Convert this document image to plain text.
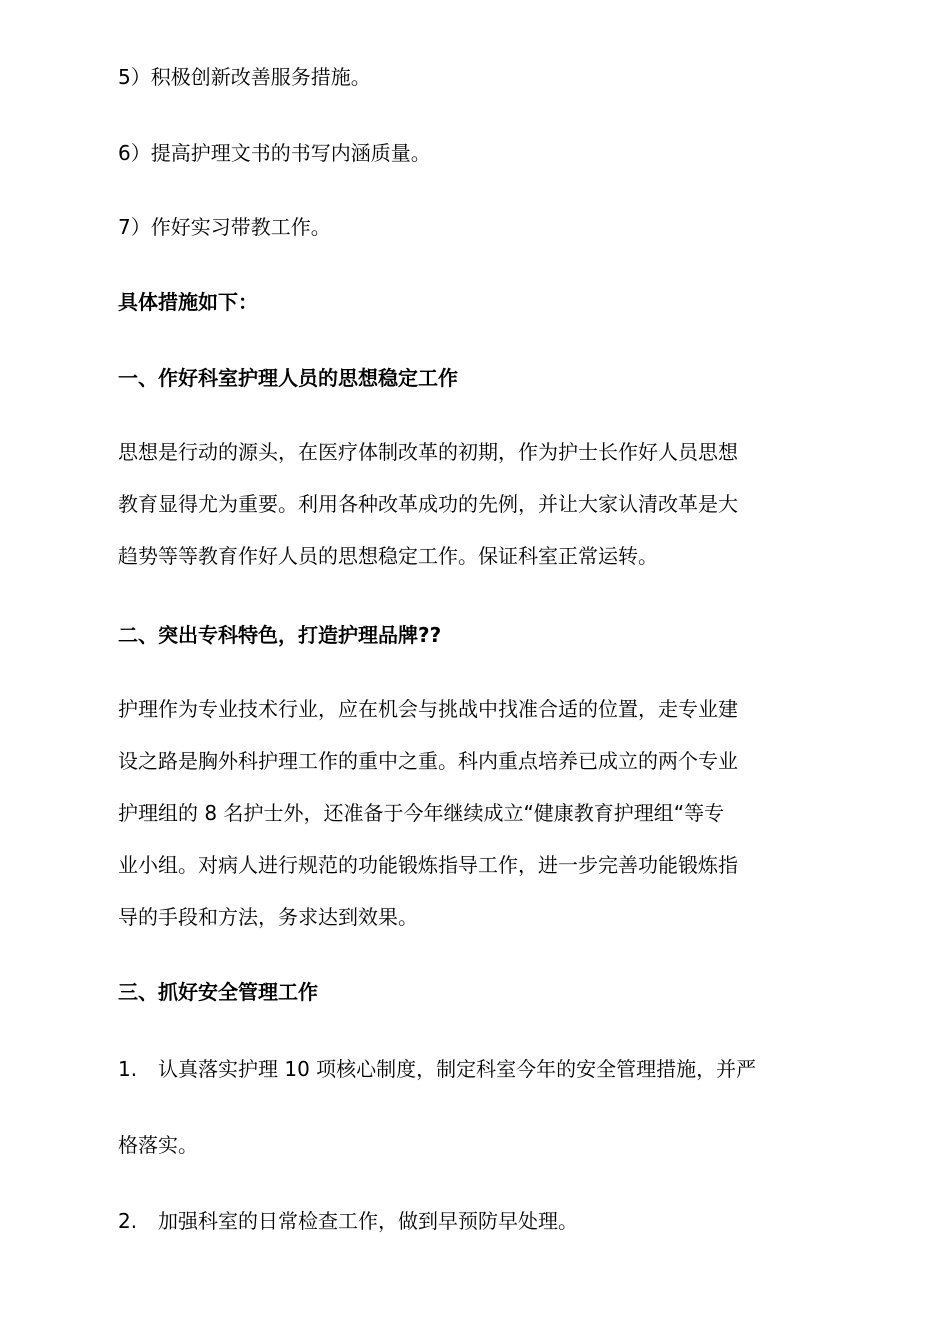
5）积极创新改善服务措施。

6）提高护理文书的书写内涵质量。

7）作好实习带教工作。

具体措施如下：

一、作好科室护理人员的思想稳定工作

思想是行动的源头，在医疗体制改革的初期，作为护士长作好人员思想
教育显得尤为重要。利用各种改革成功的先例，并让大家认清改革是大
趋势等等教育作好人员的思想稳定工作。保证科室正常运转。

二、突出专科特色，打造护理品牌??

护理作为专业技术行业，应在机会与挑战中找准合适的位置，走专业建
设之路是胸外科护理工作的重中之重。科内重点培养已成立的两个专业
护理组的 8 名护士外，还准备于今年继续成立“健康教育护理组“等专
业小组。对病人进行规范的功能锻炼指导工作，进一步完善功能锻炼指
导的手段和方法，务求达到效果。

三、抓好安全管理工作

1. 认真落实护理 10 项核心制度，制定科室今年的安全管理措施，并严

格落实。

2. 加强科室的日常检查工作，做到早预防早处理。
